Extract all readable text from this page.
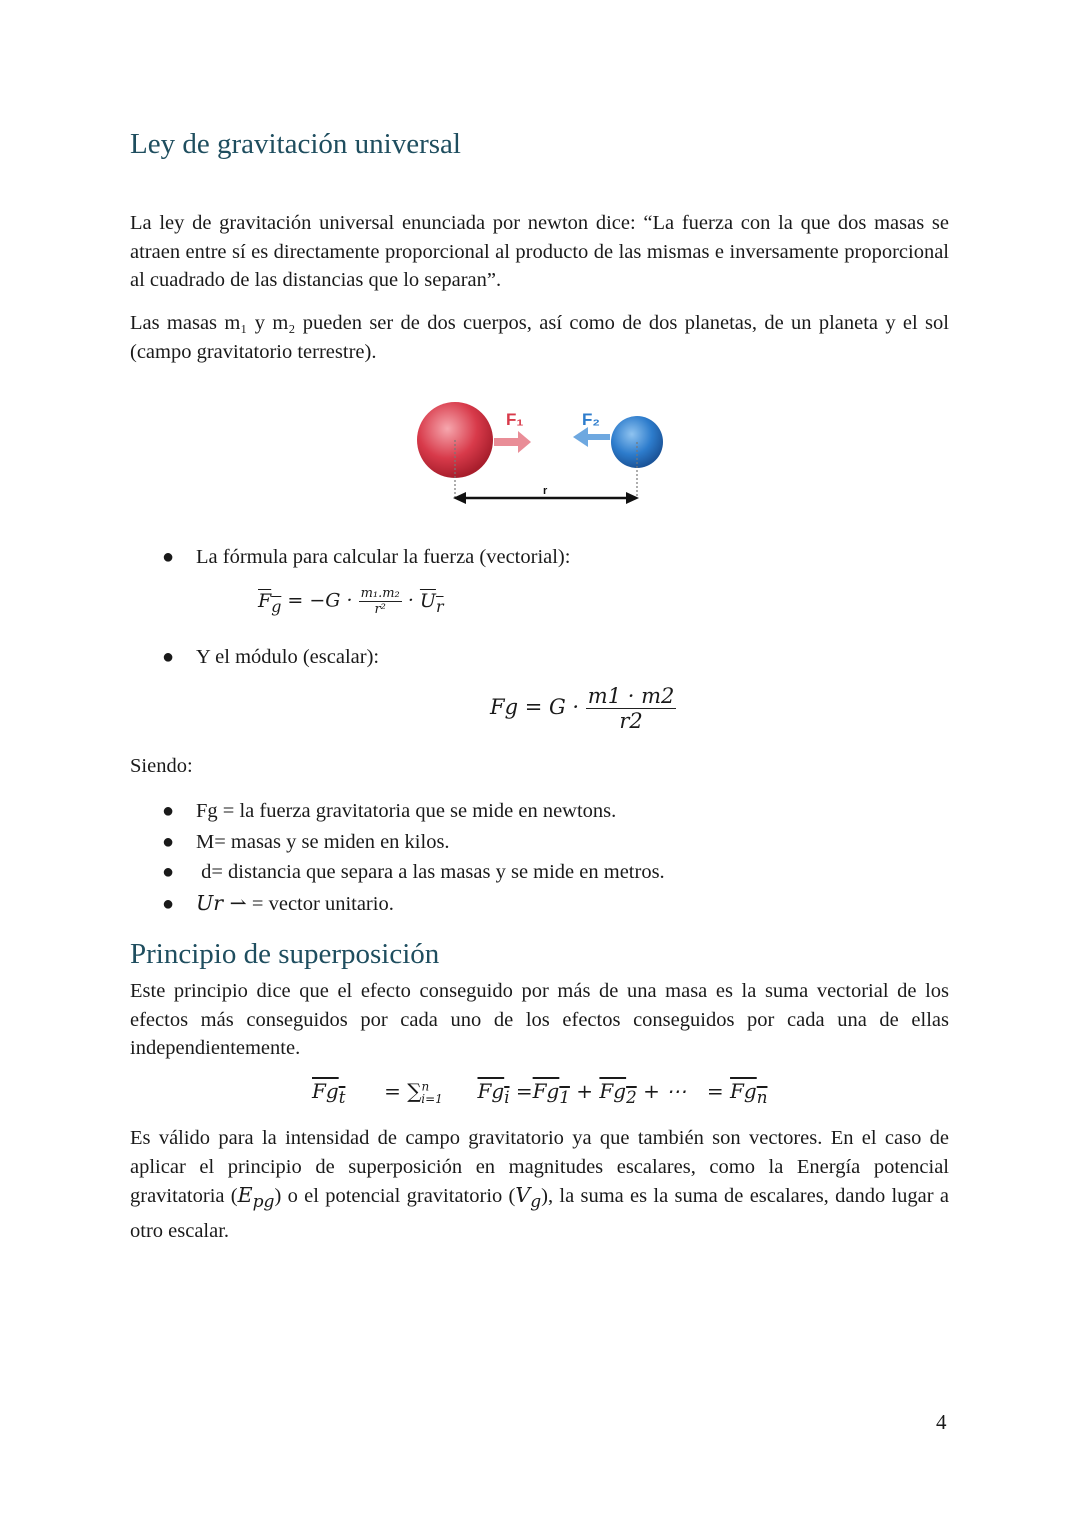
Ley de gravitación universal

La ley de gravitación universal enunciada por newton dice: “La fuerza con la que dos masas se atraen entre sí es directamente proporcional al producto de las mismas e inversamente proporcional al cuadrado de las distancias que lo separan”.

Las masas m₁ y m₂ pueden ser de dos cuerpos, así como de dos planetas, de un planeta y el sol (campo gravitatorio terrestre).

F₁	F₂
r
● La fórmula para calcular la fuerza (vectorial):
$F_g = -G \cdot \frac{\text{m₁.m₂}}{\text{r²}} \cdot U_r$
● Y el módulo (escalar):
$Fg = G \cdot \frac{m1 \cdot m2}{r2}$

Siendo:

● Fg = la fuerza gravitatoria que se mide en newtons.
● M= masas y se miden en kilos.
● d= distancia que separa a las masas y se mide en metros.
● Ur ⇀ = vector unitario.
Principio de superposición

Este principio dice que el efecto conseguido por más de una masa es la suma vectorial de los efectos más conseguidos por cada uno de los efectos conseguidos por cada una de ellas independientemente.

$Fg_t = \sum^n_{i=1}$ $Fg_i =Fg_1 + Fg_2$ + ⋯ = $Fg_n$

Es válido para la intensidad de campo gravitatorio ya que también son vectores. En el caso de aplicar el principio de superposición en magnitudes escalares, como la Energía potencial gravitatoria $(E_{pg})$ o el potencial gravitatorio $(V_g)$, la suma es la suma de escalares, dando lugar a otro escalar.

4
